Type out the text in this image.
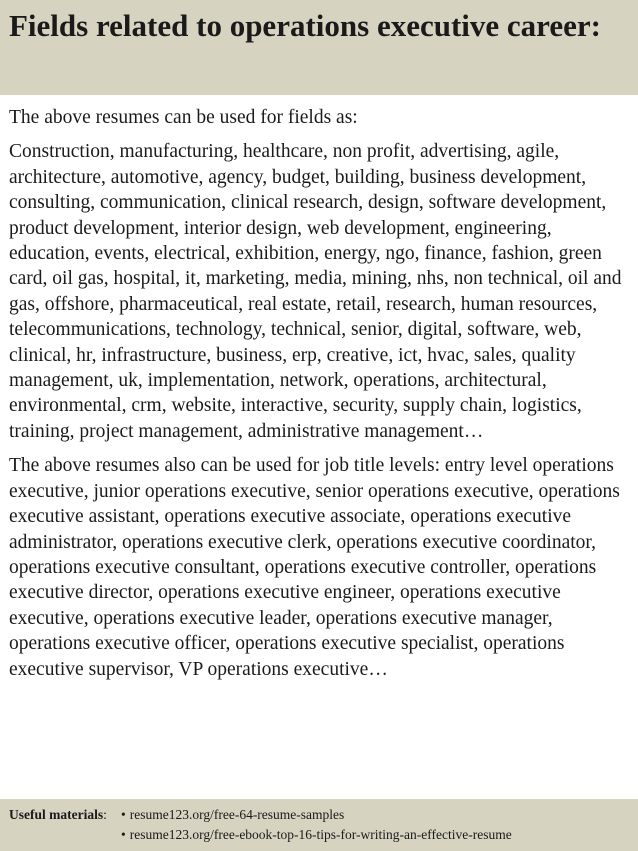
Fields related to operations executive career:

The above resumes can be used for fields as:

Construction, manufacturing, healthcare, non profit, advertising, agile, architecture, automotive, agency, budget, building, business development, consulting, communication, clinical research, design, software development, product development, interior design, web development, engineering, education, events, electrical, exhibition, energy, ngo, finance, fashion, green card, oil gas, hospital, it, marketing, media, mining, nhs, non technical, oil and gas, offshore, pharmaceutical, real estate, retail, research, human resources, telecommunications, technology, technical, senior, digital, software, web, clinical, hr, infrastructure, business, erp, creative, ict, hvac, sales, quality management, uk, implementation, network, operations, architectural, environmental, crm, website, interactive, security, supply chain, logistics, training, project management, administrative management…

The above resumes also can be used for job title levels: entry level operations executive, junior operations executive, senior operations executive, operations executive assistant, operations executive associate, operations executive administrator, operations executive clerk, operations executive coordinator, operations executive consultant, operations executive controller, operations executive director, operations executive engineer, operations executive executive, operations executive leader, operations executive manager, operations executive officer, operations executive specialist, operations executive supervisor, VP operations executive…

Useful materials:	• resume123.org/free-64-resume-samples
• resume123.org/free-ebook-top-16-tips-for-writing-an-effective-resume
